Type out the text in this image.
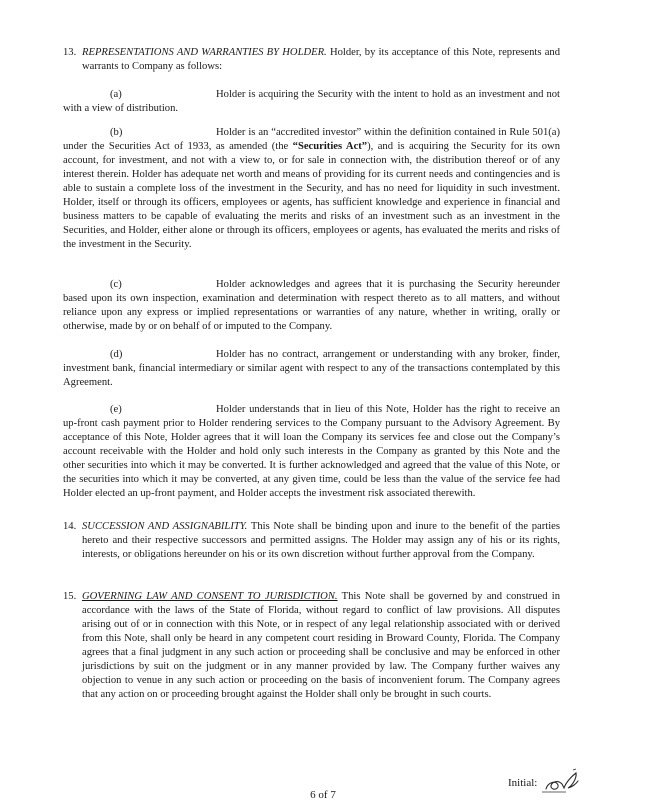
13. REPRESENTATIONS AND WARRANTIES BY HOLDER. Holder, by its acceptance of this Note, represents and warrants to Company as follows:

(a)	Holder is acquiring the Security with the intent to hold as an investment and not with a view of distribution.

(b)	Holder is an “accredited investor” within the definition contained in Rule 501(a) under the Securities Act of 1933, as amended (the “Securities Act”), and is acquiring the Security for its own account, for investment, and not with a view to, or for sale in connection with, the distribution thereof or of any interest therein. Holder has adequate net worth and means of providing for its current needs and contingencies and is able to sustain a complete loss of the investment in the Security, and has no need for liquidity in such investment. Holder, itself or through its officers, employees or agents, has sufficient knowledge and experience in financial and business matters to be capable of evaluating the merits and risks of an investment such as an investment in the Securities, and Holder, either alone or through its officers, employees or agents, has evaluated the merits and risks of the investment in the Security.

(c)	Holder acknowledges and agrees that it is purchasing the Security hereunder based upon its own inspection, examination and determination with respect thereto as to all matters, and without reliance upon any express or implied representations or warranties of any nature, whether in writing, orally or otherwise, made by or on behalf of or imputed to the Company.

(d)	Holder has no contract, arrangement or understanding with any broker, finder, investment bank, financial intermediary or similar agent with respect to any of the transactions contemplated by this Agreement.

(e)	Holder understands that in lieu of this Note, Holder has the right to receive an up-front cash payment prior to Holder rendering services to the Company pursuant to the Advisory Agreement. By acceptance of this Note, Holder agrees that it will loan the Company its services fee and close out the Company’s account receivable with the Holder and hold only such interests in the Company as granted by this Note and the other securities into which it may be converted. It is further acknowledged and agreed that the value of this Note, or the securities into which it may be converted, at any given time, could be less than the value of the service fee had Holder elected an up-front payment, and Holder accepts the investment risk associated therewith.

14. SUCCESSION AND ASSIGNABILITY. This Note shall be binding upon and inure to the benefit of the parties hereto and their respective successors and permitted assigns. The Holder may assign any of his or its rights, interests, or obligations hereunder on his or its own discretion without further approval from the Company.
15. GOVERNING LAW AND CONSENT TO JURISDICTION. This Note shall be governed by and construed in accordance with the laws of the State of Florida, without regard to conflict of law provisions. All disputes arising out of or in connection with this Note, or in respect of any legal relationship associated with or derived from this Note, shall only be heard in any competent court residing in Broward County, Florida. The Company agrees that a final judgment in any such action or proceeding shall be conclusive and may be enforced in other jurisdictions by suit on the judgment or in any manner provided by law. The Company further waives any objection to venue in any such action or proceeding on the basis of inconvenient forum. The Company agrees that any action on or proceeding brought against the Holder shall only be brought in such courts.
Initial:
6 of 7
